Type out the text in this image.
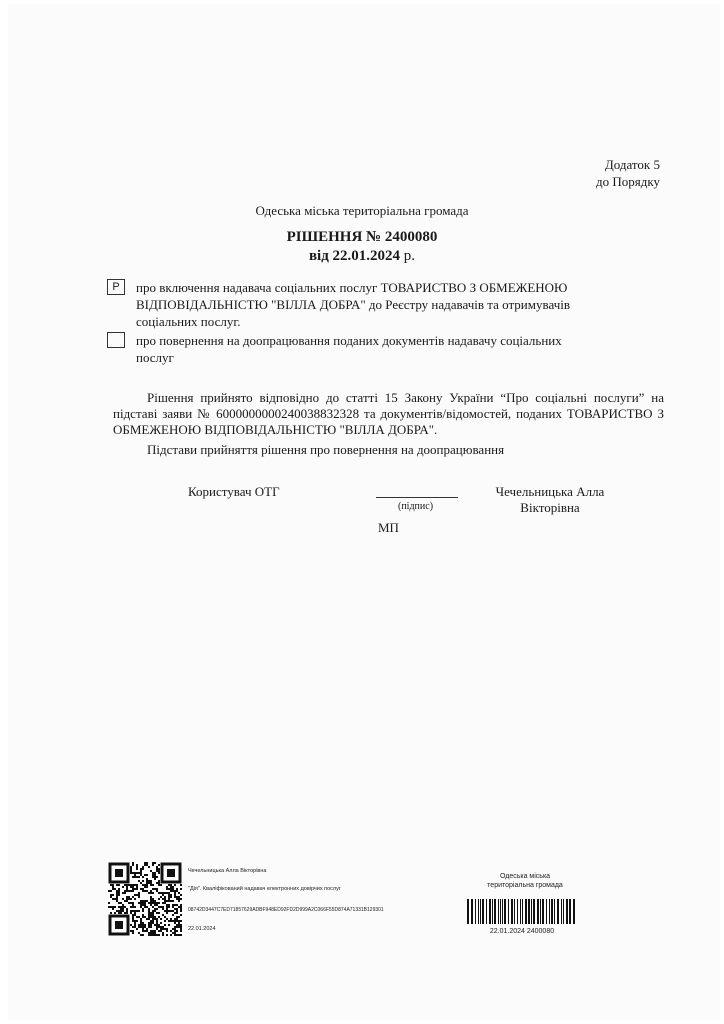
Додаток 5
до Порядку
Одеська міська територіальна громада
РІШЕННЯ № 2400080
від 22.01.2024 р.
P	про включення надавача соціальних послуг ТОВАРИСТВО З ОБМЕЖЕНОЮ
ВІДПОВІДАЛЬНІСТЮ "ВІЛЛА ДОБРА" до Реєстру надавачів та отримувачів
соціальних послуг.
про повернення на доопрацювання поданих документів надавачу соціальних
послуг

Рішення прийнято відповідно до статті 15 Закону України “Про соціальні послуги” на підставі заяви № 6000000000240038832328 та документів/відомостей, поданих ТОВАРИСТВО З ОБМЕЖЕНОЮ ВІДПОВІДАЛЬНІСТЮ "ВІЛЛА ДОБРА".

Підстави прийняття рішення про повернення на доопрацювання
Користувач ОТГ
(підпис)
Чечельницька Алла
Вікторівна
МП
Чечельницька Алла Вікторівна
"Дія". Кваліфікований надавач електронних довірчих послуг
08742D3447C7ED71857629ADBF948ED92FD2D999A2C066F55D874A71331B129301
22.01.2024
Одеська міська
територіальна громада
22.01.2024 2400080
